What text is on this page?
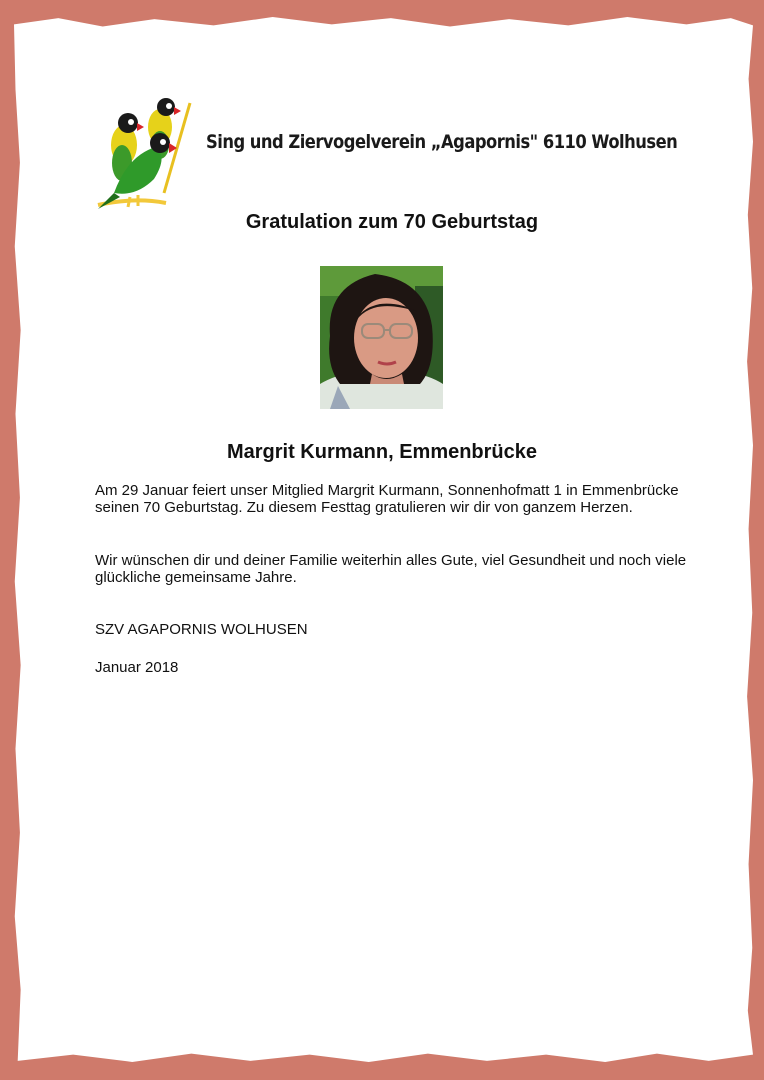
Sing und Ziervogelverein „Agapornis" 6110 Wolhusen
Gratulation zum 70 Geburtstag
Margrit Kurmann, Emmenbrücke
Am 29 Januar feiert unser Mitglied Margrit Kurmann, Sonnenhofmatt 1 in Emmenbrücke seinen 70 Geburtstag. Zu diesem Festtag gratulieren wir dir von ganzem Herzen.
Wir wünschen dir und deiner Familie weiterhin alles Gute, viel Gesundheit und noch viele glückliche gemeinsame Jahre.
SZV AGAPORNIS WOLHUSEN
Januar 2018
